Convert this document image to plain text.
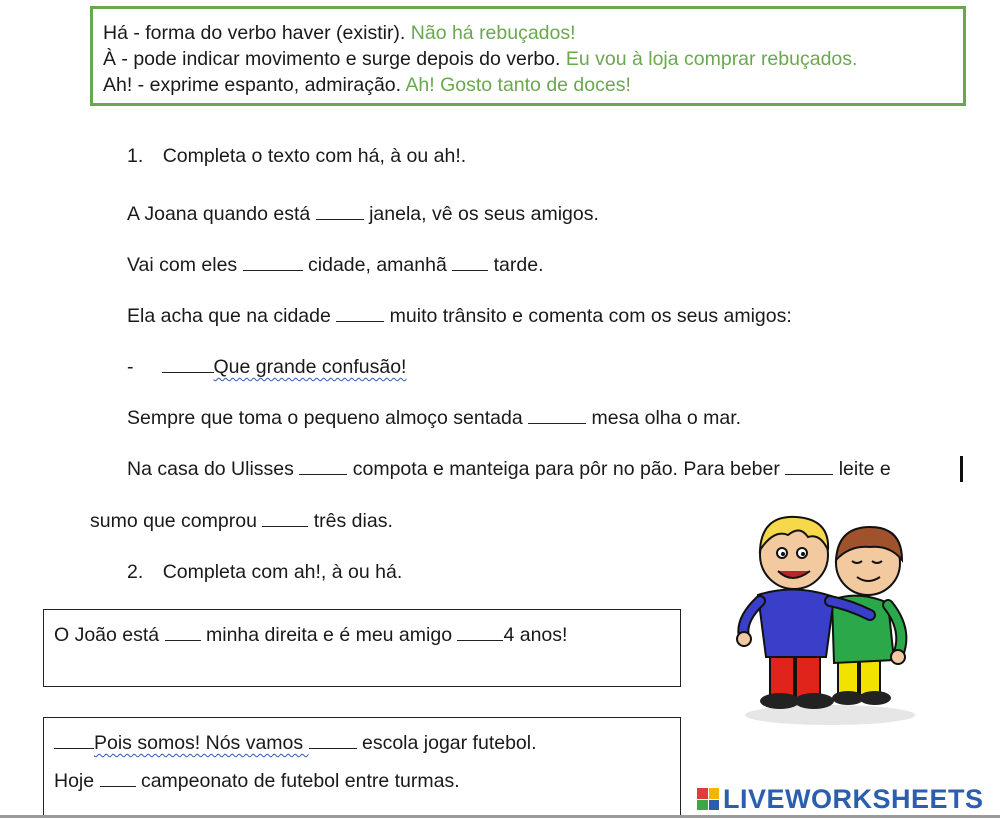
Há - forma do verbo haver (existir). Não há rebuçados!
À - pode indicar movimento e surge depois do verbo. Eu vou à loja comprar rebuçados.
Ah! - exprime espanto, admiração. Ah! Gosto tanto de doces!
1. Completa o texto com há, à ou ah!.
A Joana quando está  janela, vê os seus amigos.
Vai com eles	cidade, amanhã  tarde.
Ela acha que na cidade  muito trânsito e comenta com os seus amigos:
-	Que grande confusão!
Sempre que toma o pequeno almoço sentada	mesa olha o mar.
Na casa do Ulisses  compota e manteiga para pôr no pão. Para beber  leite e
sumo que comprou  três dias.
2. Completa com ah!, à ou há.
O João está  minha direita e é meu amigo 4 anos!
Pois somos! Nós vamos  escola jogar futebol.
Hoje  campeonato de futebol entre turmas.
LIVEWORKSHEETS
